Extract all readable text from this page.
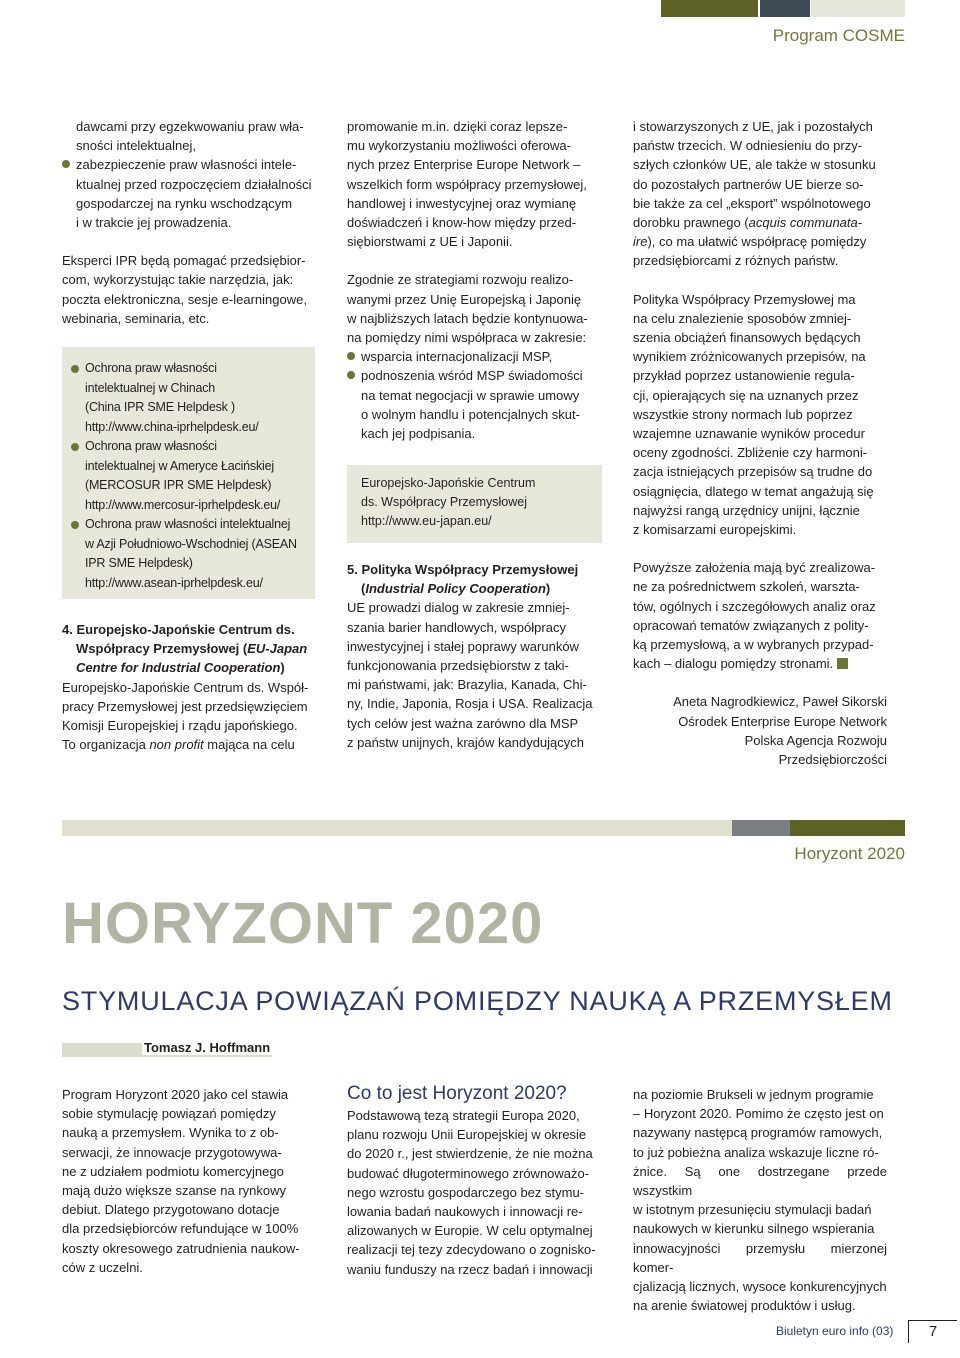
Program COSME

dawcami przy egzekwowaniu praw wła-

sności intelektualnej,

zabezpieczenie praw własności intele-

ktualnej przed rozpoczęciem działalności

gospodarczej na rynku wschodzącym

i w trakcie jej prowadzenia.

Eksperci IPR będą pomagać przedsiębior-

com, wykorzystując takie narzędzia, jak:

poczta elektroniczna, sesje e-learningowe,

webinaria, seminaria, etc.

Ochrona praw własności
intelektualnej w Chinach
(China IPR SME Helpdesk )
http://www.china-iprhelpdesk.eu/
Ochrona praw własności
intelektualnej w Ameryce Łacińskiej
(MERCOSUR IPR SME Helpdesk)
http://www.mercosur-iprhelpdesk.eu/
Ochrona praw własności intelektualnej
w Azji Południowo-Wschodniej (ASEAN
IPR SME Helpdesk)
http://www.asean-iprhelpdesk.eu/

4. Europejsko-Japońskie Centrum ds.

Współpracy Przemysłowej (EU-Japan

Centre for Industrial Cooperation)

Europejsko-Japońskie Centrum ds. Współ-

pracy Przemysłowej jest przedsięwzięciem

Komisji Europejskiej i rządu japońskiego.

To organizacja non profit mająca na celu

promowanie m.in. dzięki coraz lepsze-

mu wykorzystaniu możliwości oferowa-

nych przez Enterprise Europe Network –

wszelkich form współpracy przemysłowej,

handlowej i inwestycyjnej oraz wymianę

doświadczeń i know-how między przed-

siębiorstwami z UE i Japonii.

Zgodnie ze strategiami rozwoju realizo-

wanymi przez Unię Europejską i Japonię

w najbliższych latach będzie kontynuowa-

na pomiędzy nimi współpraca w zakresie:

wsparcia internacjonalizacji MSP,

podnoszenia wśród MSP świadomości

na temat negocjacji w sprawie umowy

o wolnym handlu i potencjalnych skut-

kach jej podpisania.

Europejsko-Japońskie Centrum

ds. Współpracy Przemysłowej

http://www.eu-japan.eu/

5. Polityka Współpracy Przemysłowej

(Industrial Policy Cooperation)

UE prowadzi dialog w zakresie zmniej-

szania barier handlowych, współpracy

inwestycyjnej i stałej poprawy warunków

funkcjonowania przedsiębiorstw z taki-

mi państwami, jak: Brazylia, Kanada, Chi-

ny, Indie, Japonia, Rosja i USA. Realizacja

tych celów jest ważna zarówno dla MSP

z państw unijnych, krajów kandydujących

i stowarzyszonych z UE, jak i pozostałych

państw trzecich. W odniesieniu do przy-

szłych członków UE, ale także w stosunku

do pozostałych partnerów UE bierze so-

bie także za cel „eksport” wspólnotowego

dorobku prawnego (acquis communata-

ire), co ma ułatwić współpracę pomiędzy

przedsiębiorcami z różnych państw.

Polityka Współpracy Przemysłowej ma

na celu znalezienie sposobów zmniej-

szenia obciążeń finansowych będących

wynikiem zróżnicowanych przepisów, na

przykład poprzez ustanowienie regula-

cji, opierających się na uznanych przez

wszystkie strony normach lub poprzez

wzajemne uznawanie wyników procedur

oceny zgodności. Zbliżenie czy harmoni-

zacja istniejących przepisów są trudne do

osiągnięcia, dlatego w temat angażują się

najwyżsi rangą urzędnicy unijni, łącznie

z komisarzami europejskimi.

Powyższe założenia mają być zrealizowa-

ne za pośrednictwem szkoleń, warszta-

tów, ogólnych i szczegółowych analiz oraz

opracowań tematów związanych z polity-

ką przemysłową, a w wybranych przypad-

kach – dialogu pomiędzy stronami.

Aneta Nagrodkiewicz, Paweł Sikorski

Ośrodek Enterprise Europe Network

Polska Agencja Rozwoju Przedsiębiorczości

Horyzont 2020
HORYZONT 2020
STYMULACJA POWIĄZAŃ POMIĘDZY NAUKĄ A PRZEMYSŁEM
Tomasz J. Hoffmann

Program Horyzont 2020 jako cel stawia

sobie stymulację powiązań pomiędzy

nauką a przemysłem. Wynika to z ob-

serwacji, że innowacje przygotowywa-

ne z udziałem podmiotu komercyjnego

mają dużo większe szanse na rynkowy

debiut. Dlatego przygotowano dotacje

dla przedsiębiorców refundujące w 100%

koszty okresowego zatrudnienia naukow-

ców z uczelni.

Co to jest Horyzont 2020?

Podstawową tezą strategii Europa 2020,

planu rozwoju Unii Europejskiej w okresie

do 2020 r., jest stwierdzenie, że nie można

budować długoterminowego zrównoważo-

nego wzrostu gospodarczego bez stymu-

lowania badań naukowych i innowacji re-

alizowanych w Europie. W celu optymalnej

realizacji tej tezy zdecydowano o zognisko-

waniu funduszy na rzecz badań i innowacji

na poziomie Brukseli w jednym programie

– Horyzont 2020. Pomimo że często jest on

nazywany następcą programów ramowych,

to już pobieżna analiza wskazuje liczne ró-

żnice. Są one dostrzegane przede wszystkim

w istotnym przesunięciu stymulacji badań

naukowych w kierunku silnego wspierania

innowacyjności przemysłu mierzonej komer-

cjalizacją licznych, wysoce konkurencyjnych

na arenie światowej produktów i usług.

Biuletyn euro info (03)	7
